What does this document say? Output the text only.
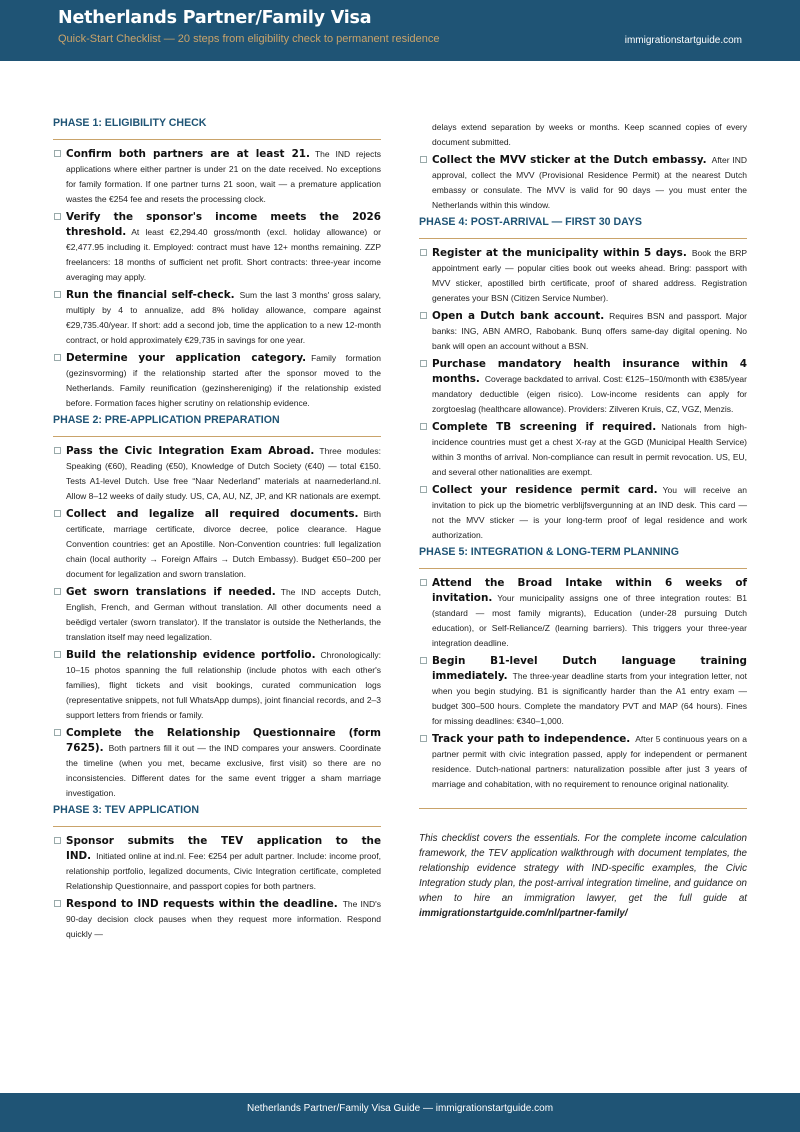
Netherlands Partner/Family Visa
Quick-Start Checklist — 20 steps from eligibility check to permanent residence	immigrationstartguide.com
PHASE 1: ELIGIBILITY CHECK
Confirm both partners are at least 21. The IND rejects applications where either partner is under 21 on the date received. No exceptions for family formation. If one partner turns 21 soon, wait — a premature application wastes the €254 fee and resets the processing clock.
Verify the sponsor's income meets the 2026 threshold. At least €2,294.40 gross/month (excl. holiday allowance) or €2,477.95 including it. Employed: contract must have 12+ months remaining. ZZP freelancers: 18 months of sufficient net profit. Short contracts: three-year income averaging may apply.
Run the financial self-check. Sum the last 3 months' gross salary, multiply by 4 to annualize, add 8% holiday allowance, compare against €29,735.40/year. If short: add a second job, time the application to a new 12-month contract, or hold approximately €29,735 in savings for one year.
Determine your application category. Family formation (gezinsvorming) if the relationship started after the sponsor moved to the Netherlands. Family reunification (gezinshereniging) if the relationship existed before. Formation faces higher scrutiny on relationship evidence.
PHASE 2: PRE-APPLICATION PREPARATION
Pass the Civic Integration Exam Abroad. Three modules: Speaking (€60), Reading (€50), Knowledge of Dutch Society (€40) — total €150. Tests A1-level Dutch. Use free “Naar Nederland” materials at naarnederland.nl. Allow 8–12 weeks of daily study. US, CA, AU, NZ, JP, and KR nationals are exempt.
Collect and legalize all required documents. Birth certificate, marriage certificate, divorce decree, police clearance. Hague Convention countries: get an Apostille. Non-Convention countries: full legalization chain (local authority → Foreign Affairs → Dutch Embassy). Budget €50–200 per document for legalization and sworn translation.
Get sworn translations if needed. The IND accepts Dutch, English, French, and German without translation. All other documents need a beëdigd vertaler (sworn translator). If the translator is outside the Netherlands, the translation itself may need legalization.
Build the relationship evidence portfolio. Chronologically: 10–15 photos spanning the full relationship (include photos with each other's families), flight tickets and visit bookings, curated communication logs (representative snippets, not full WhatsApp dumps), joint financial records, and 2–3 support letters from friends or family.
Complete the Relationship Questionnaire (form 7625). Both partners fill it out — the IND compares your answers. Coordinate the timeline (when you met, became exclusive, first visit) so there are no inconsistencies. Different dates for the same event trigger a sham marriage investigation.
PHASE 3: TEV APPLICATION
Sponsor submits the TEV application to the IND. Initiated online at ind.nl. Fee: €254 per adult partner. Include: income proof, relationship portfolio, legalized documents, Civic Integration certificate, completed Relationship Questionnaire, and passport copies for both partners.
Respond to IND requests within the deadline. The IND's 90-day decision clock pauses when they request more information. Respond quickly —
delays extend separation by weeks or months. Keep scanned copies of every document submitted.
Collect the MVV sticker at the Dutch embassy. After IND approval, collect the MVV (Provisional Residence Permit) at the nearest Dutch embassy or consulate. The MVV is valid for 90 days — you must enter the Netherlands within this window.
PHASE 4: POST-ARRIVAL — FIRST 30 DAYS
Register at the municipality within 5 days. Book the BRP appointment early — popular cities book out weeks ahead. Bring: passport with MVV sticker, apostilled birth certificate, proof of shared address. Registration generates your BSN (Citizen Service Number).
Open a Dutch bank account. Requires BSN and passport. Major banks: ING, ABN AMRO, Rabobank. Bunq offers same-day digital opening. No bank will open an account without a BSN.
Purchase mandatory health insurance within 4 months. Coverage backdated to arrival. Cost: €125–150/month with €385/year mandatory deductible (eigen risico). Low-income residents can apply for zorgtoeslag (healthcare allowance). Providers: Zilveren Kruis, CZ, VGZ, Menzis.
Complete TB screening if required. Nationals from high-incidence countries must get a chest X-ray at the GGD (Municipal Health Service) within 3 months of arrival. Non-compliance can result in permit revocation. US, EU, and several other nationalities are exempt.
Collect your residence permit card. You will receive an invitation to pick up the biometric verblijfsvergunning at an IND desk. This card — not the MVV sticker — is your long-term proof of legal residence and work authorization.
PHASE 5: INTEGRATION & LONG-TERM PLANNING
Attend the Broad Intake within 6 weeks of invitation. Your municipality assigns one of three integration routes: B1 (standard — most family migrants), Education (under-28 pursuing Dutch education), or Self-Reliance/Z (learning barriers). This triggers your three-year integration deadline.
Begin B1-level Dutch language training immediately. The three-year deadline starts from your integration letter, not when you begin studying. B1 is significantly harder than the A1 entry exam — budget 300–500 hours. Complete the mandatory PVT and MAP (64 hours). Fines for missing deadlines: €340–1,000.
Track your path to independence. After 5 continuous years on a partner permit with civic integration passed, apply for independent or permanent residence. Dutch-national partners: naturalization possible after just 3 years of marriage and cohabitation, with no requirement to renounce original nationality.
This checklist covers the essentials. For the complete income calculation framework, the TEV application walkthrough with document templates, the relationship evidence strategy with IND-specific examples, the Civic Integration study plan, the post-arrival integration timeline, and guidance on when to hire an immigration lawyer, get the full guide at immigrationstartguide.com/nl/partner-family/
Netherlands Partner/Family Visa Guide — immigrationstartguide.com
